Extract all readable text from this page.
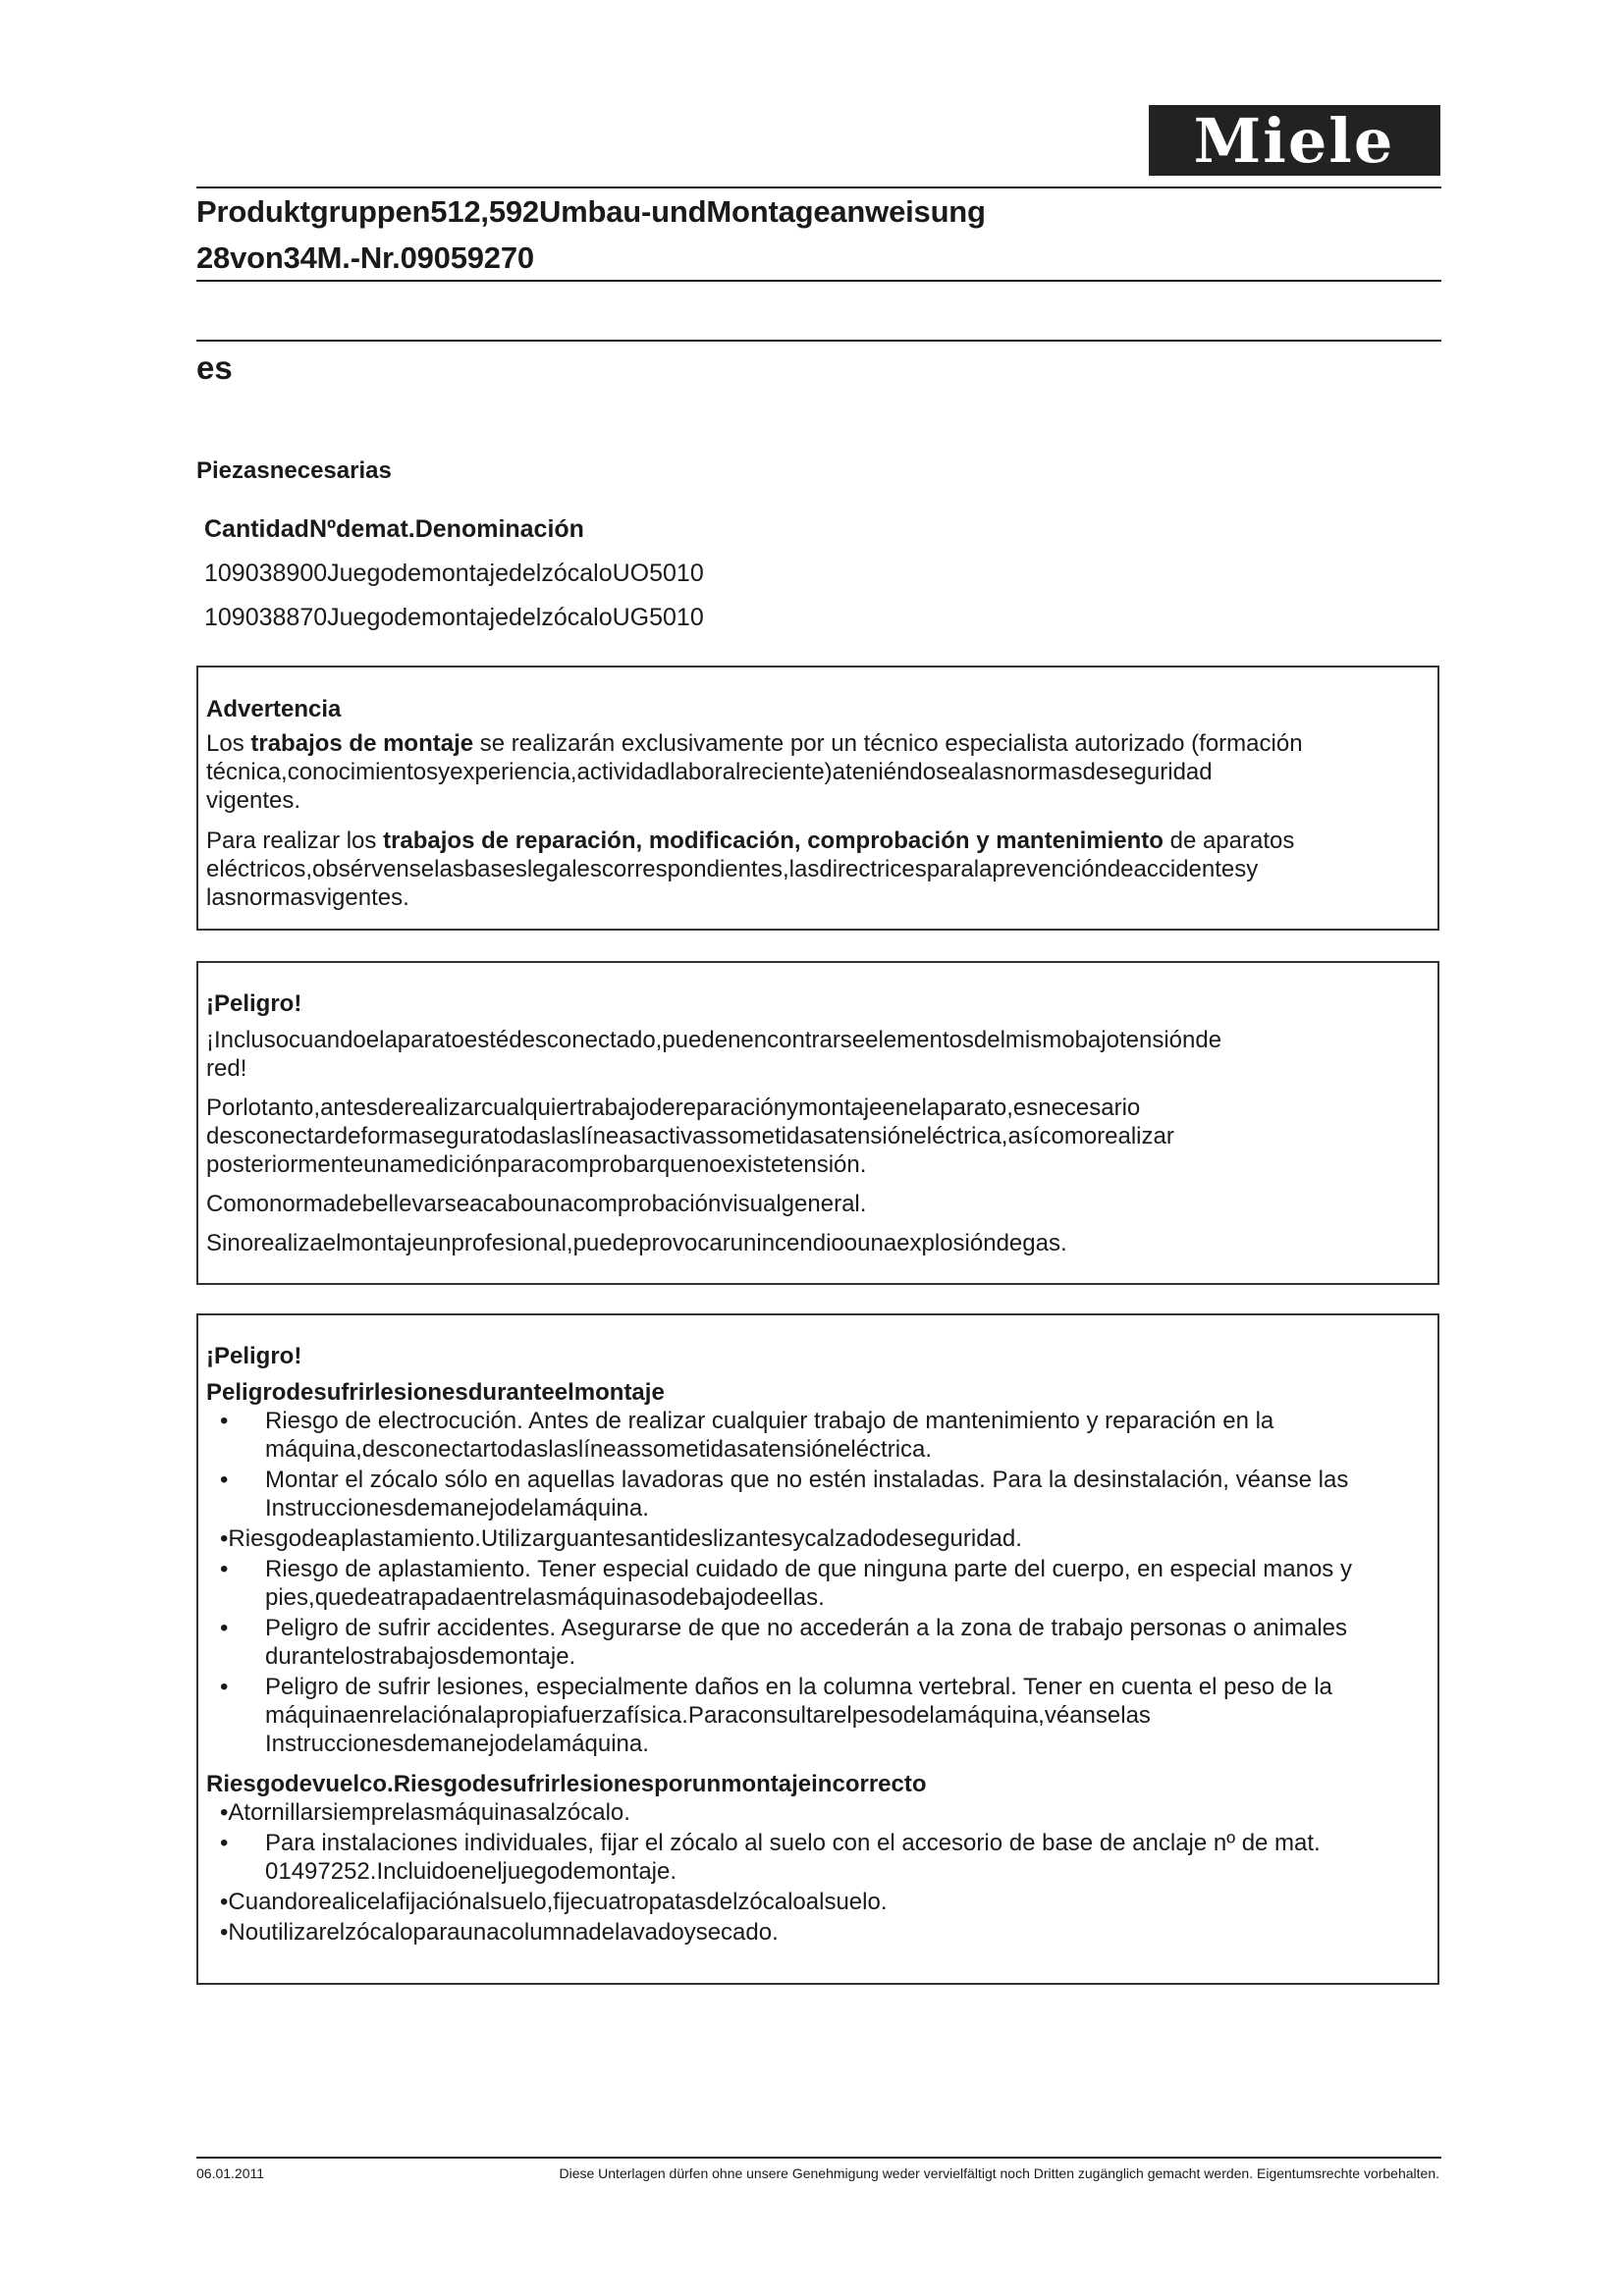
Miele
Produktgruppen512,592Umbau-undMontageanweisung
28von34M.-Nr.09059270
es
Piezasnecesarias
CantidadNºdemat.Denominación
109038900JuegodemontajedelzócaloUO5010
109038870JuegodemontajedelzócaloUG5010
Advertencia

Los trabajos de montaje se realizarán exclusivamente por un técnico especialista autorizado (formación
técnica,conocimientosyexperiencia,actividadlaboralreciente)ateniéndosealasnormasdeseguridad
vigentes.

Para realizar los trabajos de reparación, modificación, comprobación y mantenimiento de aparatos
eléctricos,obsérvenselasbaseslegalescorrespondientes,lasdirectricesparalaprevencióndeaccidentesy
lasnormasvigentes.

¡Peligro!

¡Inclusocuandoelaparatoestédesconectado,puedenencontrarseelementosdelmismobajotensiónde
red!

Porlotanto,antesderealizarcualquiertrabajodereparaciónymontajeenelaparato,esnecesario
desconectardeformaseguratodaslaslíneasactivassometidasatensióneléctrica,asícomorealizar
posteriormenteunamediciónparacomprobarquenoexistetensión.

Comonormadebellevarseacabounacomprobaciónvisualgeneral.

Sinorealizaelmontajeunprofesional,puedeprovocarunincendioounaexplosióndegas.

¡Peligro!
Peligrodesufrirlesionesduranteelmontaje
• Riesgo de electrocución. Antes de realizar cualquier trabajo de mantenimiento y reparación en la
máquina,desconectartodaslaslíneassometidasatensióneléctrica.
• Montar el zócalo sólo en aquellas lavadoras que no estén instaladas. Para la desinstalación, véanse las
Instruccionesdemanejodelamáquina.
•Riesgodeaplastamiento.Utilizarguantesantideslizantesycalzadodeseguridad.
• Riesgo de aplastamiento. Tener especial cuidado de que ninguna parte del cuerpo, en especial manos y
pies,quedeatrapadaentrelasmáquinasodebajodeellas.
• Peligro de sufrir accidentes. Asegurarse de que no accederán a la zona de trabajo personas o animales
durantelostrabajosdemontaje.
• Peligro de sufrir lesiones, especialmente daños en la columna vertebral. Tener en cuenta el peso de la
máquinaenrelaciónalapropiafuerzafísica.Paraconsultarelpesodelamáquina,véanselas
Instruccionesdemanejodelamáquina.
Riesgodevuelco.Riesgodesufrirlesionesporunmontajeincorrecto
•Atornillarsiemprelasmáquinasalzócalo.
• Para instalaciones individuales, fijar el zócalo al suelo con el accesorio de base de anclaje nº de mat.
01497252.Incluidoeneljuegodemontaje.
•Cuandorealicelafijaciónalsuelo,fijecuatropatasdelzócaloalsuelo.
•Noutilizarelzócaloparaunacolumnadelavadoysecado.
06.01.2011	Diese Unterlagen dürfen ohne unsere Genehmigung weder vervielfältigt noch Dritten zugänglich gemacht werden. Eigentumsrechte vorbehalten.
